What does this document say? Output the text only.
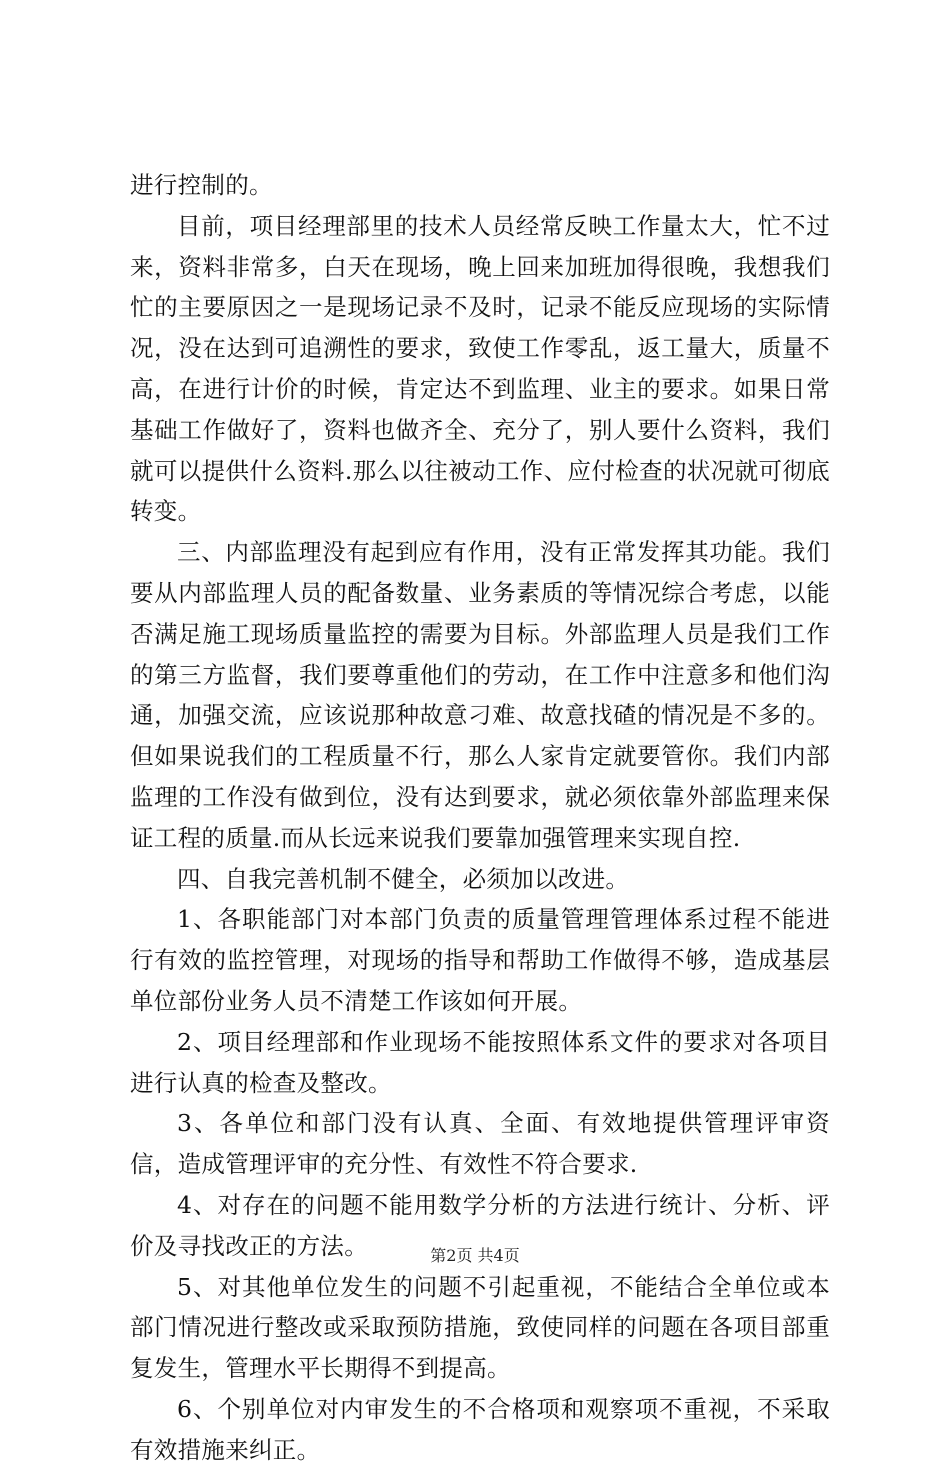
进行控制的。

目前，项目经理部里的技术人员经常反映工作量太大，忙不过来，资料非常多，白天在现场，晚上回来加班加得很晚，我想我们忙的主要原因之一是现场记录不及时，记录不能反应现场的实际情况，没在达到可追溯性的要求，致使工作零乱，返工量大，质量不高，在进行计价的时候，肯定达不到监理、业主的要求。如果日常基础工作做好了，资料也做齐全、充分了，别人要什么资料，我们就可以提供什么资料.那么以往被动工作、应付检查的状况就可彻底转变。

三、内部监理没有起到应有作用，没有正常发挥其功能。我们要从内部监理人员的配备数量、业务素质的等情况综合考虑，以能否满足施工现场质量监控的需要为目标。外部监理人员是我们工作的第三方监督，我们要尊重他们的劳动，在工作中注意多和他们沟通，加强交流，应该说那种故意刁难、故意找碴的情况是不多的。但如果说我们的工程质量不行，那么人家肯定就要管你。我们内部监理的工作没有做到位，没有达到要求，就必须依靠外部监理来保证工程的质量.而从长远来说我们要靠加强管理来实现自控.

四、自我完善机制不健全，必须加以改进。

1、各职能部门对本部门负责的质量管理管理体系过程不能进行有效的监控管理，对现场的指导和帮助工作做得不够，造成基层单位部份业务人员不清楚工作该如何开展。

2、项目经理部和作业现场不能按照体系文件的要求对各项目进行认真的检查及整改。

3、各单位和部门没有认真、全面、有效地提供管理评审资信，造成管理评审的充分性、有效性不符合要求.

4、对存在的问题不能用数学分析的方法进行统计、分析、评价及寻找改正的方法。

5、对其他单位发生的问题不引起重视，不能结合全单位或本部门情况进行整改或采取预防措施，致使同样的问题在各项目部重复发生，管理水平长期得不到提高。

6、个别单位对内审发生的不合格项和观察项不重视，不采取有效措施来纠正。

第2页 共4页
